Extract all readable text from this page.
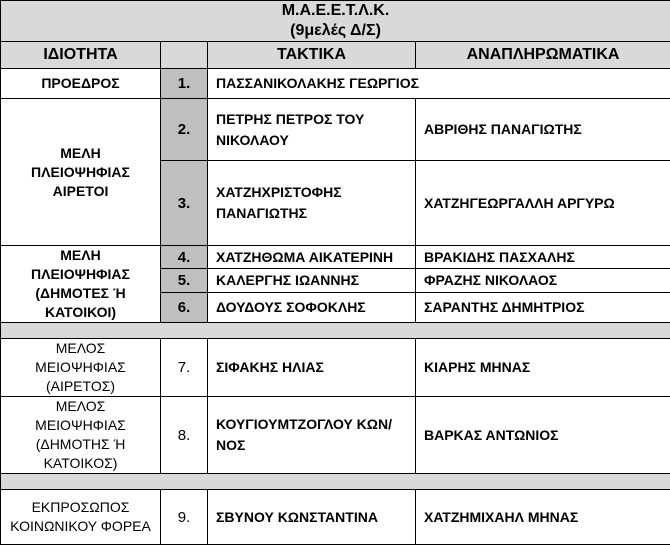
Μ.Α.Ε.Ε.Τ.Λ.Κ.
(9μελές Δ/Σ)			

ΙΔΙΟΤΗΤΑ		ΤΑΚΤΙΚΑ	ΑΝΑΠΛΗΡΩΜΑΤΙΚΑ
ΠΡΟΕΔΡΟΣ	1.	ΠΑΣΣΑΝΙΚΟΛΑΚΗΣ ΓΕΩΡΓΙΟΣ	
ΜΕΛΗ ΠΛΕΙΟΨΗΦΙΑΣ ΑΙΡΕΤΟΙ	2.	ΠΕΤΡΗΣ ΠΕΤΡΟΣ ΤΟΥ ΝΙΚΟΛΑΟΥ	ΑΒΡΙΘΗΣ ΠΑΝΑΓΙΩΤΗΣ
	3.	ΧΑΤΖΗΧΡΙΣΤΟΦΗΣ ΠΑΝΑΓΙΩΤΗΣ	ΧΑΤΖΗΓΕΩΡΓΑΛΛΗ ΑΡΓΥΡΩ
ΜΕΛΗ ΠΛΕΙΟΨΗΦΙΑΣ (ΔΗΜΟΤΕΣ Ή ΚΑΤΟΙΚΟΙ)	4.	ΧΑΤΖΗΘΩΜΑ ΑΙΚΑΤΕΡΙΝΗ	ΒΡΑΚΙΔΗΣ ΠΑΣΧΑΛΗΣ
	5.	ΚΑΛΕΡΓΗΣ ΙΩΑΝΝΗΣ	ΦΡΑΖΗΣ ΝΙΚΟΛΑΟΣ
	6.	ΔΟΥΔΟΥΣ ΣΟΦΟΚΛΗΣ	ΣΑΡΑΝΤΗΣ ΔΗΜΗΤΡΙΟΣ

ΜΕΛΟΣ ΜΕΙΟΨΗΦΙΑΣ (ΑΙΡΕΤΟΣ)	7.	ΣΙΦΑΚΗΣ ΗΛΙΑΣ	ΚΙΑΡΗΣ ΜΗΝΑΣ
ΜΕΛΟΣ ΜΕΙΟΨΗΦΙΑΣ (ΔΗΜΟΤΗΣ Ή ΚΑΤΟΙΚΟΣ)	8.	ΚΟΥΓΙΟΥΜΤΖΟΓΛΟΥ ΚΩΝ/ΝΟΣ	ΒΑΡΚΑΣ ΑΝΤΩΝΙΟΣ

ΕΚΠΡΟΣΩΠΟΣ ΚΟΙΝΩΝΙΚΟΥ ΦΟΡΕΑ	9.	ΣΒΥΝΟΥ ΚΩΝΣΤΑΝΤΙΝΑ	ΧΑΤΖΗΜΙΧΑΗΛ ΜΗΝΑΣ
